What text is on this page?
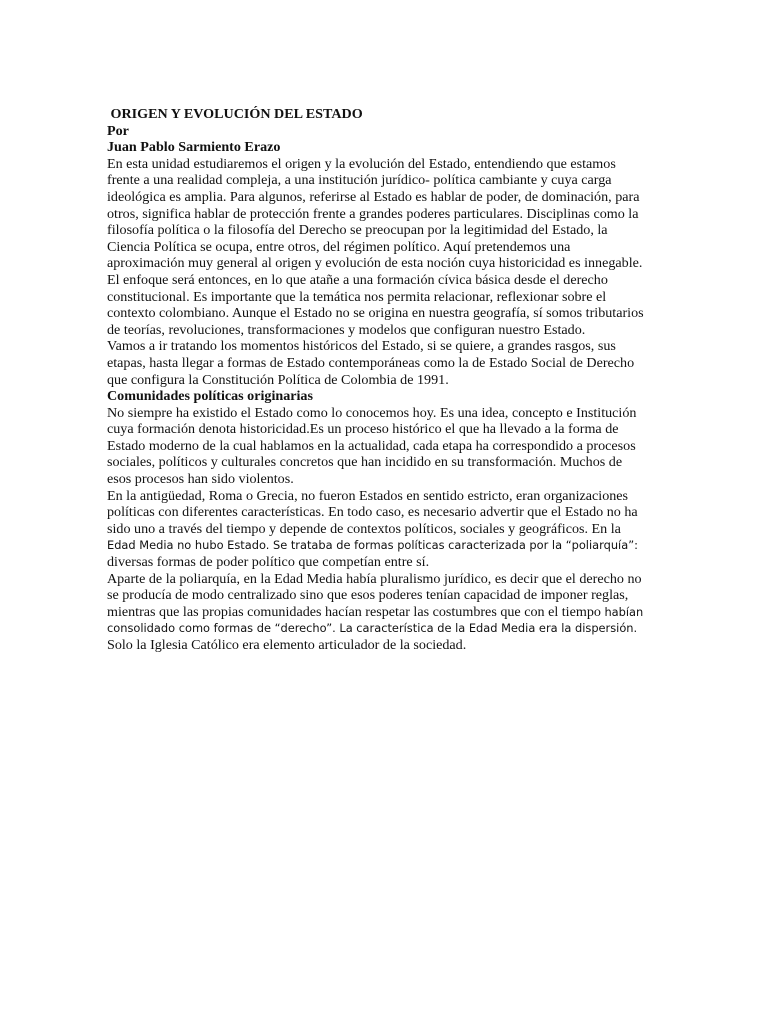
ORIGEN Y EVOLUCIÓN DEL ESTADO
Por
Juan Pablo Sarmiento Erazo
En esta unidad estudiaremos el origen y la evolución del Estado, entendiendo que estamos
frente a una realidad compleja, a una institución jurídico- política cambiante y cuya carga
ideológica es amplia. Para algunos, referirse al Estado es hablar de poder, de dominación, para
otros, significa hablar de protección frente a grandes poderes particulares. Disciplinas como la
filosofía política o la filosofía del Derecho se preocupan por la legitimidad del Estado, la
Ciencia Política se ocupa, entre otros, del régimen político. Aquí pretendemos una
aproximación muy general al origen y evolución de esta noción cuya historicidad es innegable.
El enfoque será entonces, en lo que atañe a una formación cívica básica desde el derecho
constitucional. Es importante que la temática nos permita relacionar, reflexionar sobre el
contexto colombiano. Aunque el Estado no se origina en nuestra geografía, sí somos tributarios
de teorías, revoluciones, transformaciones y modelos que configuran nuestro Estado.
Vamos a ir tratando los momentos históricos del Estado, si se quiere, a grandes rasgos, sus
etapas, hasta llegar a formas de Estado contemporáneas como la de Estado Social de Derecho
que configura la Constitución Política de Colombia de 1991.
Comunidades políticas originarias
No siempre ha existido el Estado como lo conocemos hoy. Es una idea, concepto e Institución
cuya formación denota historicidad.Es un proceso histórico el que ha llevado a la forma de
Estado moderno de la cual hablamos en la actualidad, cada etapa ha correspondido a procesos
sociales, políticos y culturales concretos que han incidido en su transformación. Muchos de
esos procesos han sido violentos.
En la antigüedad, Roma o Grecia, no fueron Estados en sentido estricto, eran organizaciones
políticas con diferentes características. En todo caso, es necesario advertir que el Estado no ha
sido uno a través del tiempo y depende de contextos políticos, sociales y geográficos. En la
Edad Media no hubo Estado. Se trataba de formas políticas caracterizada por la “poliarquía”:
diversas formas de poder político que competían entre sí.
Aparte de la poliarquía, en la Edad Media había pluralismo jurídico, es decir que el derecho no
se producía de modo centralizado sino que esos poderes tenían capacidad de imponer reglas,
mientras que las propias comunidades hacían respetar las costumbres que con el tiempo habían
consolidado como formas de “derecho”. La característica de la Edad Media era la dispersión.
Solo la Iglesia Católico era elemento articulador de la sociedad.
